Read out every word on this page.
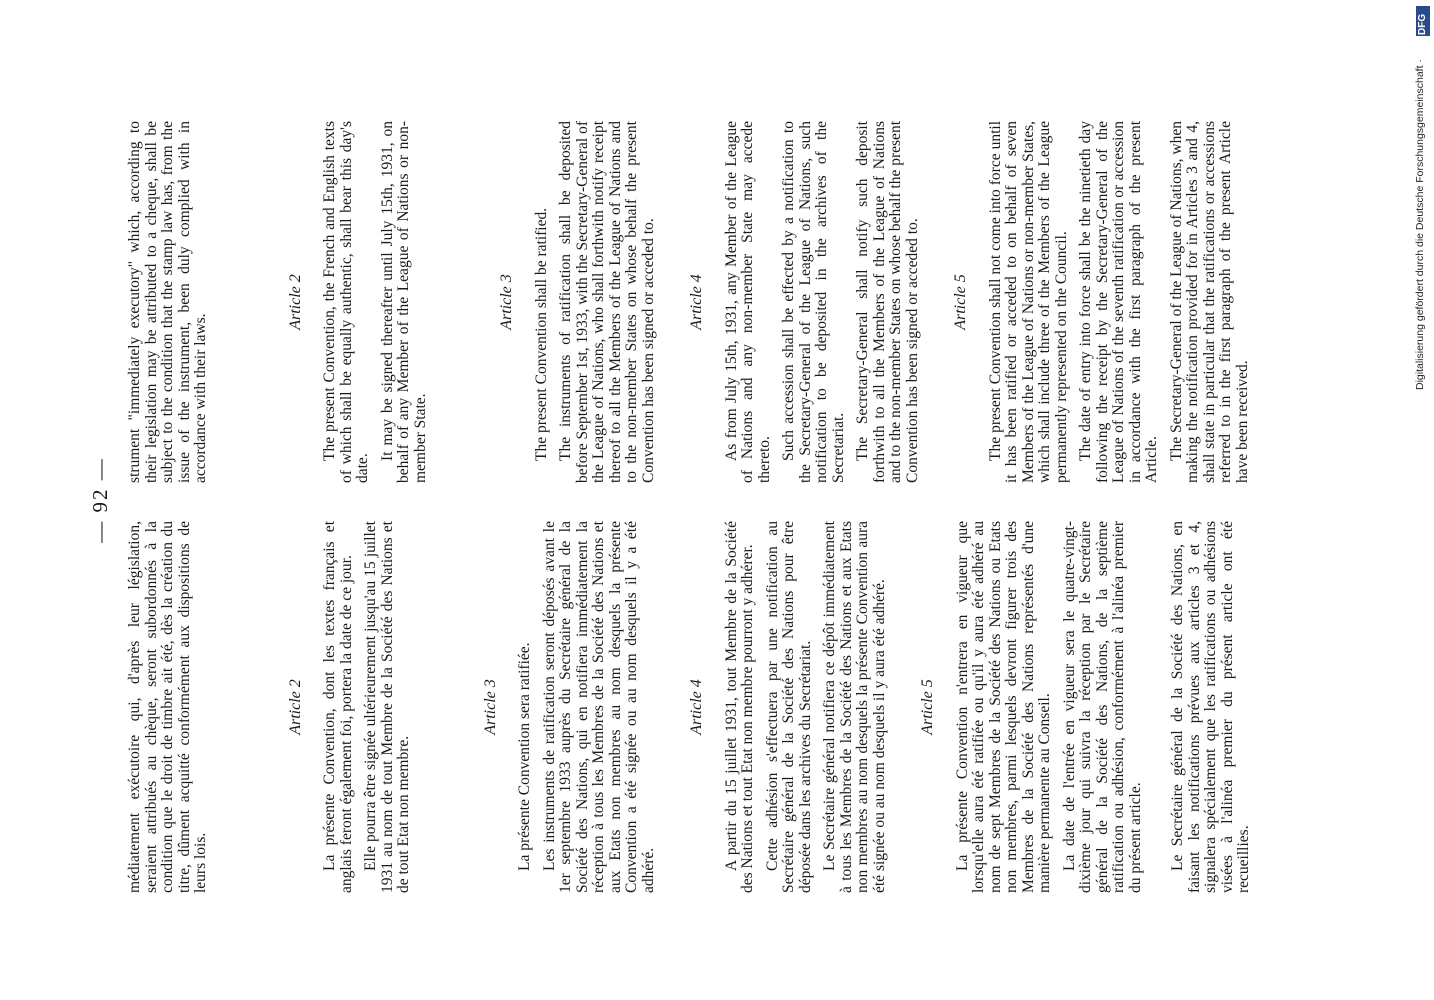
— 92 —

médiatement exécutoire qui, d'après leur législation, seraient attribués au chèque, seront subordonnés à la condition que le droit de timbre ait été, dès la création du titre, dûment acquitté conformément aux dispositions de leurs lois.

Article 2 La présente Convention, dont les textes français et anglais feront également foi, portera la date de ce jour. Elle pourra être signée ultérieurement jusqu'au 15 juillet 1931 au nom de tout Membre de la Société des Nations et de tout Etat non membre.

Article 3 La présente Convention sera ratifiée. Les instruments de ratification seront déposés avant le 1er septembre 1933 auprès du Secrétaire général de la Société des Nations, qui en notifiera immédiatement la réception à tous les Membres de la Société des Nations et aux Etats non membres au nom desquels la présente Convention a été signée ou au nom desquels il y a été adhéré.

Article 4 A partir du 15 juillet 1931, tout Membre de la Société des Nations et tout Etat non membre pourront y adhérer. Cette adhésion s'effectuera par une notification au Secrétaire général de la Société des Nations pour être déposée dans les archives du Secrétariat. Le Secrétaire général notifiera ce dépôt immédiatement à tous les Membres de la Société des Nations et aux Etats non membres au nom desquels la présente Convention aura été signée ou au nom desquels il y aura été adhéré. Article 5 La présente Convention n'entrera en vigueur que lorsqu'elle aura été ratifiée ou qu'il y aura été adhéré au nom de sept Membres de la Société des Nations ou Etats non membres, parmi lesquels devront figurer trois des Membres de la Société des Nations représentés d'une manière permanente au Conseil. La date de l'entrée en vigueur sera le quatre-vingt-dixième jour qui suivra la réception par le Secrétaire général de la Société des Nations, de la septième ratification ou adhésion, conformément à l'alinéa premier du présent article. Le Secrétaire général de la Société des Nations, en faisant les notifications prévues aux articles 3 et 4, signalera spécialement que les ratifications ou adhésions visées à l'alinéa premier du présent article ont été recueillies.

strument "immediately executory" which, according to their legislation may be attributed to a cheque, shall be subject to the condition that the stamp law has, from the issue of the instrument, been duly complied with in accordance with their laws.

Article 2 The present Convention, the French and English texts of which shall be equally authentic, shall bear this day's date.

It may be signed thereafter until July 15th, 1931, on behalf of any Member of the League of Nations or non-member State.

Article 3 The present Convention shall be ratified. The instruments of ratification shall be deposited before September 1st, 1933, with the Secretary-General of the League of Nations, who shall forthwith notify receipt thereof to all the Members of the League of Nations and to the non-member States on whose behalf the present Convention has been signed or acceded to. Article 4 As from July 15th, 1931, any Member of the League of Nations and any non-member State may accede thereto. Such accession shall be effected by a notification to the Secretary-General of the League of Nations, such notification to be deposited in the archives of the Secretariat. The Secretary-General shall notify such deposit forthwith to all the Members of the League of Nations and to the non-member States on whose behalf the present Convention has been signed or acceded to. Article 5 The present Convention shall not come into force until it has been ratified or acceded to on behalf of seven Members of the League of Nations or non-member States, which shall include three of the Members of the League permanently represented on the Council. The date of entry into force shall be the ninetieth day following the receipt by the Secretary-General of the League of Nations of the seventh ratification or accession in accordance with the first paragraph of the present Article. The Secretary-General of the League of Nations, when making the notification provided for in Articles 3 and 4, shall state in particular that the ratifications or accessions referred to in the first paragraph of the present Article have been received.

DFG
Digitalisierung gefördert durch die Deutsche Forschungsgemeinschaft ·
